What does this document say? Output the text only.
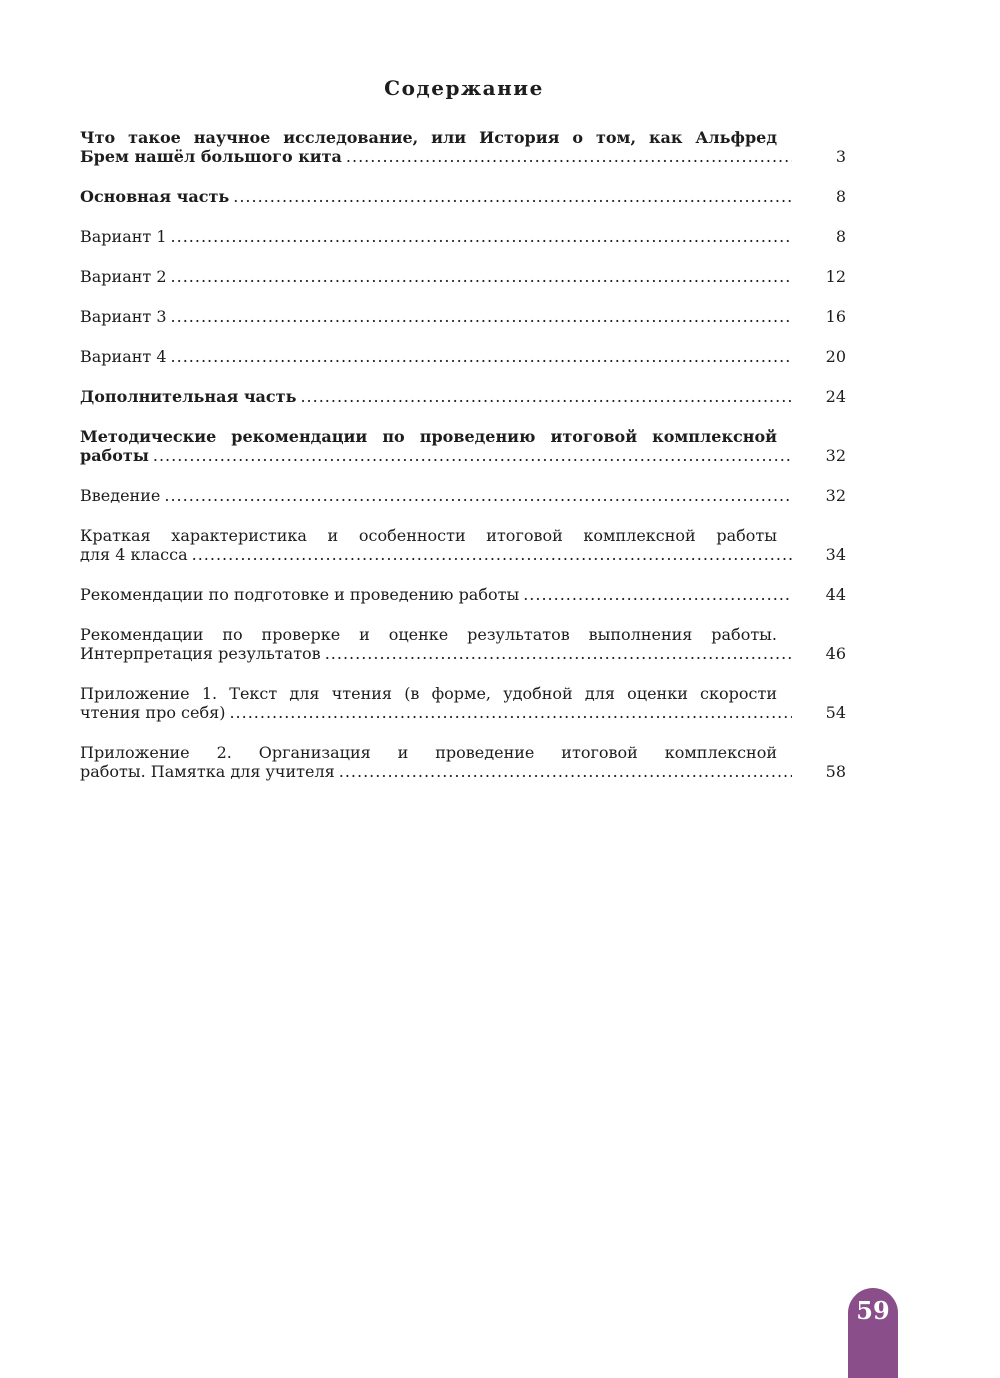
Содержание
Что такое научное исследование, или История о том, как Альфред
Брем нашёл большого кита .....	3
Основная часть .....	8
Вариант 1 .....	8
Вариант 2 .....	12
Вариант 3 .....	16
Вариант 4 .....	20
Дополнительная часть .....	24
Методические рекомендации по проведению итоговой комплексной
работы .....	32
Введение .....	32
Краткая характеристика и особенности итоговой комплексной работы
для 4 класса .....	34
Рекомендации по подготовке и проведению работы .....	44
Рекомендации по проверке и оценке результатов выполнения работы.
Интерпретация результатов .....	46
Приложение 1. Текст для чтения (в форме, удобной для оценки скорости
чтения про себя) .....	54
Приложение 2. Организация и проведение итоговой комплексной
работы. Памятка для учителя .....	58
59
